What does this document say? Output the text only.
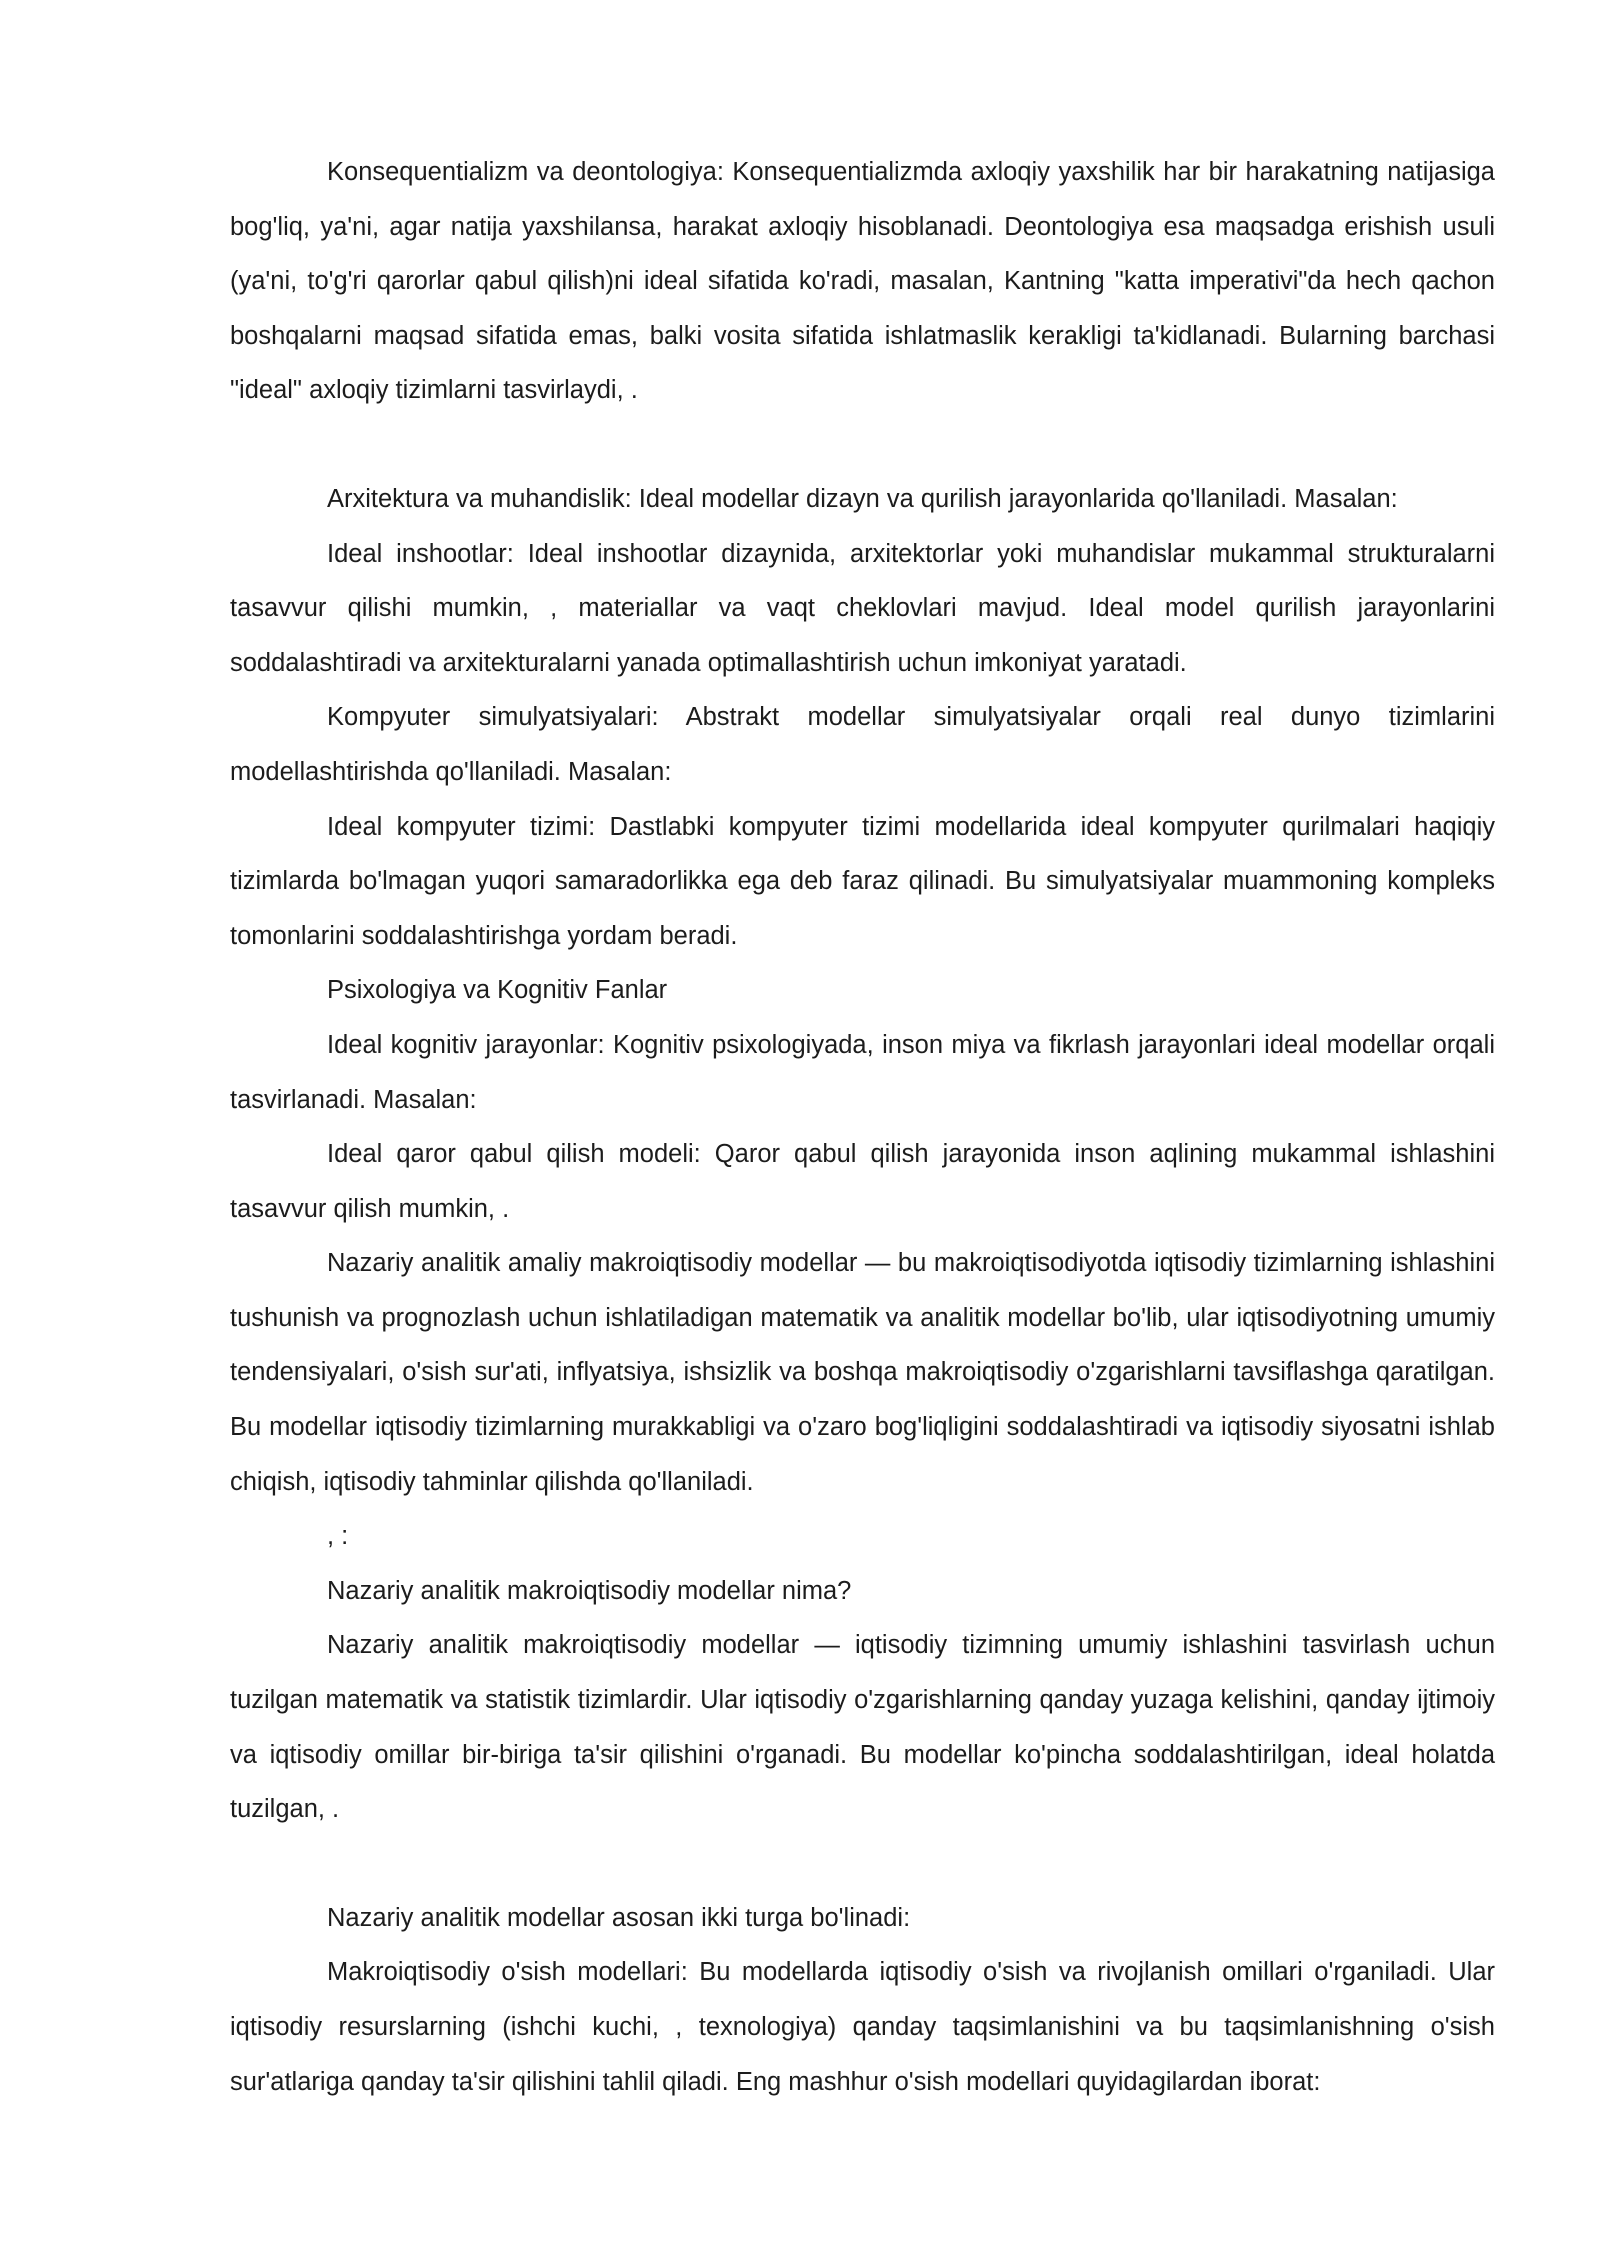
Konsequentializm va deontologiya: Konsequentializmda axloqiy yaxshilik har bir harakatning natijasiga bog'liq, ya'ni, agar natija yaxshilansa, harakat axloqiy hisoblanadi. Deontologiya esa maqsadga erishish usuli (ya'ni, to'g'ri qarorlar qabul qilish)ni ideal sifatida ko'radi, masalan, Kantning "katta imperativi"da hech qachon boshqalarni maqsad sifatida emas, balki vosita sifatida ishlatmaslik kerakligi ta'kidlanadi. Bularning barchasi "ideal" axloqiy tizimlarni tasvirlaydi, .

Arxitektura va muhandislik: Ideal modellar dizayn va qurilish jarayonlarida qo'llaniladi. Masalan:

Ideal inshootlar: Ideal inshootlar dizaynida, arxitektorlar yoki muhandislar mukammal strukturalarni tasavvur qilishi mumkin, , materiallar va vaqt cheklovlari mavjud. Ideal model qurilish jarayonlarini soddalashtiradi va arxitekturalarni yanada optimallashtirish uchun imkoniyat yaratadi.

Kompyuter simulyatsiyalari: Abstrakt modellar simulyatsiyalar orqali real dunyo tizimlarini modellashtirishda qo'llaniladi. Masalan:

Ideal kompyuter tizimi: Dastlabki kompyuter tizimi modellarida ideal kompyuter qurilmalari haqiqiy tizimlarda bo'lmagan yuqori samaradorlikka ega deb faraz qilinadi. Bu simulyatsiyalar muammoning kompleks tomonlarini soddalashtirishga yordam beradi.

Psixologiya va Kognitiv Fanlar

Ideal kognitiv jarayonlar: Kognitiv psixologiyada, inson miya va fikrlash jarayonlari ideal modellar orqali tasvirlanadi. Masalan:

Ideal qaror qabul qilish modeli: Qaror qabul qilish jarayonida inson aqlining mukammal ishlashini tasavvur qilish mumkin, .

Nazariy analitik amaliy makroiqtisodiy modellar — bu makroiqtisodiyotda iqtisodiy tizimlarning ishlashini tushunish va prognozlash uchun ishlatiladigan matematik va analitik modellar bo'lib, ular iqtisodiyotning umumiy tendensiyalari, o'sish sur'ati, inflyatsiya, ishsizlik va boshqa makroiqtisodiy o'zgarishlarni tavsiflashga qaratilgan. Bu modellar iqtisodiy tizimlarning murakkabligi va o'zaro bog'liqligini soddalashtiradi va iqtisodiy siyosatni ishlab chiqish, iqtisodiy tahminlar qilishda qo'llaniladi.

, :

Nazariy analitik makroiqtisodiy modellar nima?

Nazariy analitik makroiqtisodiy modellar — iqtisodiy tizimning umumiy ishlashini tasvirlash uchun tuzilgan matematik va statistik tizimlardir. Ular iqtisodiy o'zgarishlarning qanday yuzaga kelishini, qanday ijtimoiy va iqtisodiy omillar bir-biriga ta'sir qilishini o'rganadi. Bu modellar ko'pincha soddalashtirilgan, ideal holatda tuzilgan, .

Nazariy analitik modellar asosan ikki turga bo'linadi:

Makroiqtisodiy o'sish modellari: Bu modellarda iqtisodiy o'sish va rivojlanish omillari o'rganiladi. Ular iqtisodiy resurslarning (ishchi kuchi, , texnologiya) qanday taqsimlanishini va bu taqsimlanishning o'sish sur'atlariga qanday ta'sir qilishini tahlil qiladi. Eng mashhur o'sish modellari quyidagilardan iborat:
